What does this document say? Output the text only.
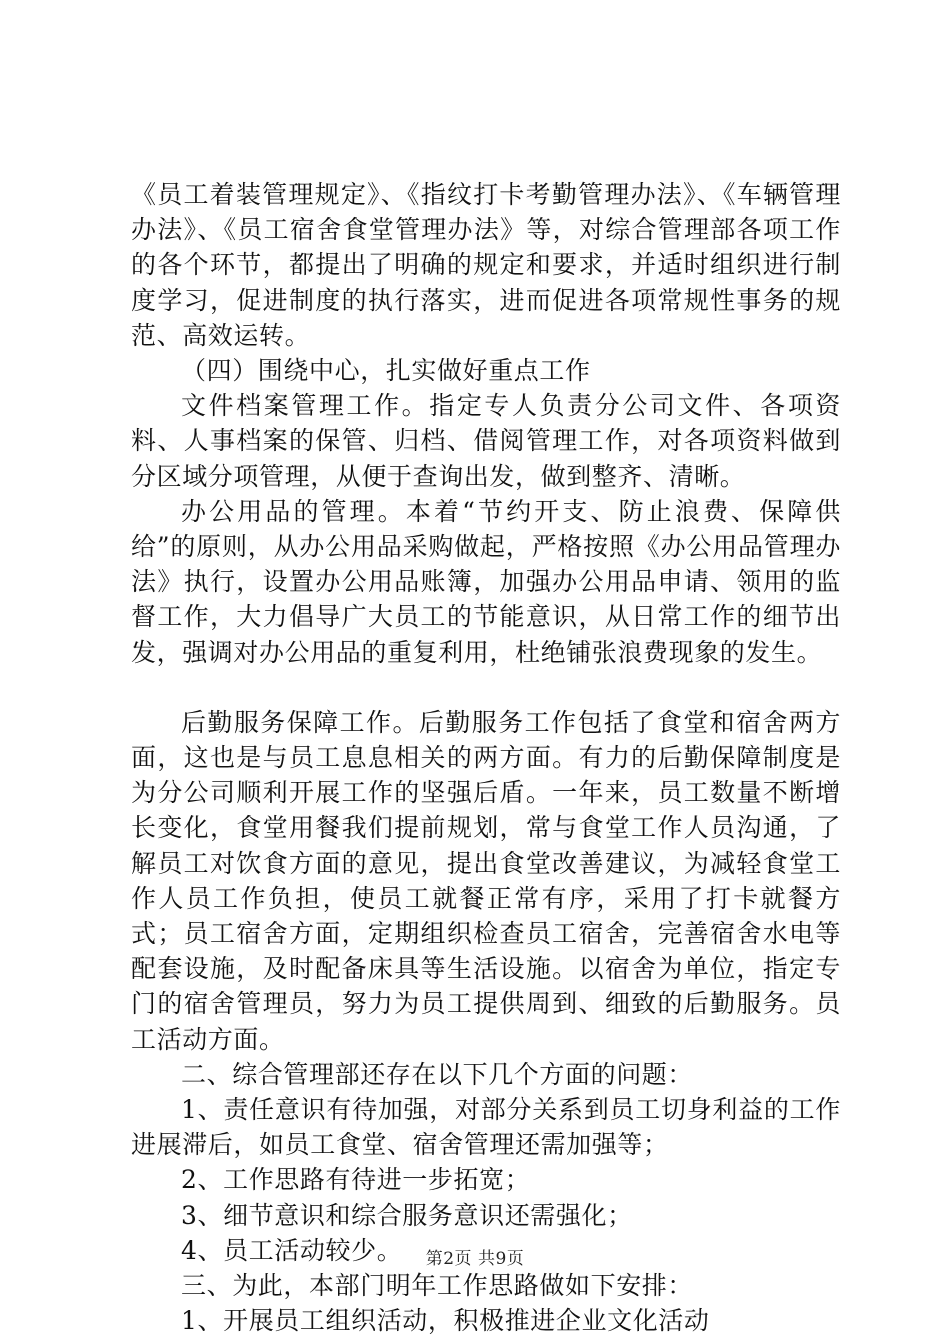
《员工着装管理规定》、《指纹打卡考勤管理办法》、《车辆管理办法》、《员工宿舍食堂管理办法》等，对综合管理部各项工作的各个环节，都提出了明确的规定和要求，并适时组织进行制度学习，促进制度的执行落实，进而促进各项常规性事务的规范、高效运转。

（四）围绕中心，扎实做好重点工作

文件档案管理工作。指定专人负责分公司文件、各项资料、人事档案的保管、归档、借阅管理工作，对各项资料做到分区域分项管理，从便于查询出发，做到整齐、清晰。

办公用品的管理。本着“节约开支、防止浪费、保障供给”的原则，从办公用品采购做起，严格按照《办公用品管理办法》执行，设置办公用品账簿，加强办公用品申请、领用的监督工作，大力倡导广大员工的节能意识，从日常工作的细节出发，强调对办公用品的重复利用，杜绝铺张浪费现象的发生。

后勤服务保障工作。后勤服务工作包括了食堂和宿舍两方面，这也是与员工息息相关的两方面。有力的后勤保障制度是为分公司顺利开展工作的坚强后盾。一年来，员工数量不断增长变化，食堂用餐我们提前规划，常与食堂工作人员沟通，了解员工对饮食方面的意见，提出食堂改善建议，为减轻食堂工作人员工作负担，使员工就餐正常有序，采用了打卡就餐方式；员工宿舍方面，定期组织检查员工宿舍，完善宿舍水电等配套设施，及时配备床具等生活设施。以宿舍为单位，指定专门的宿舍管理员，努力为员工提供周到、细致的后勤服务。员工活动方面。

二、综合管理部还存在以下几个方面的问题：

1、责任意识有待加强，对部分关系到员工切身利益的工作进展滞后，如员工食堂、宿舍管理还需加强等；

2、工作思路有待进一步拓宽；

3、细节意识和综合服务意识还需强化；

4、员工活动较少。

三、为此，本部门明年工作思路做如下安排：

1、开展员工组织活动，积极推进企业文化活动

第2页 共9页
